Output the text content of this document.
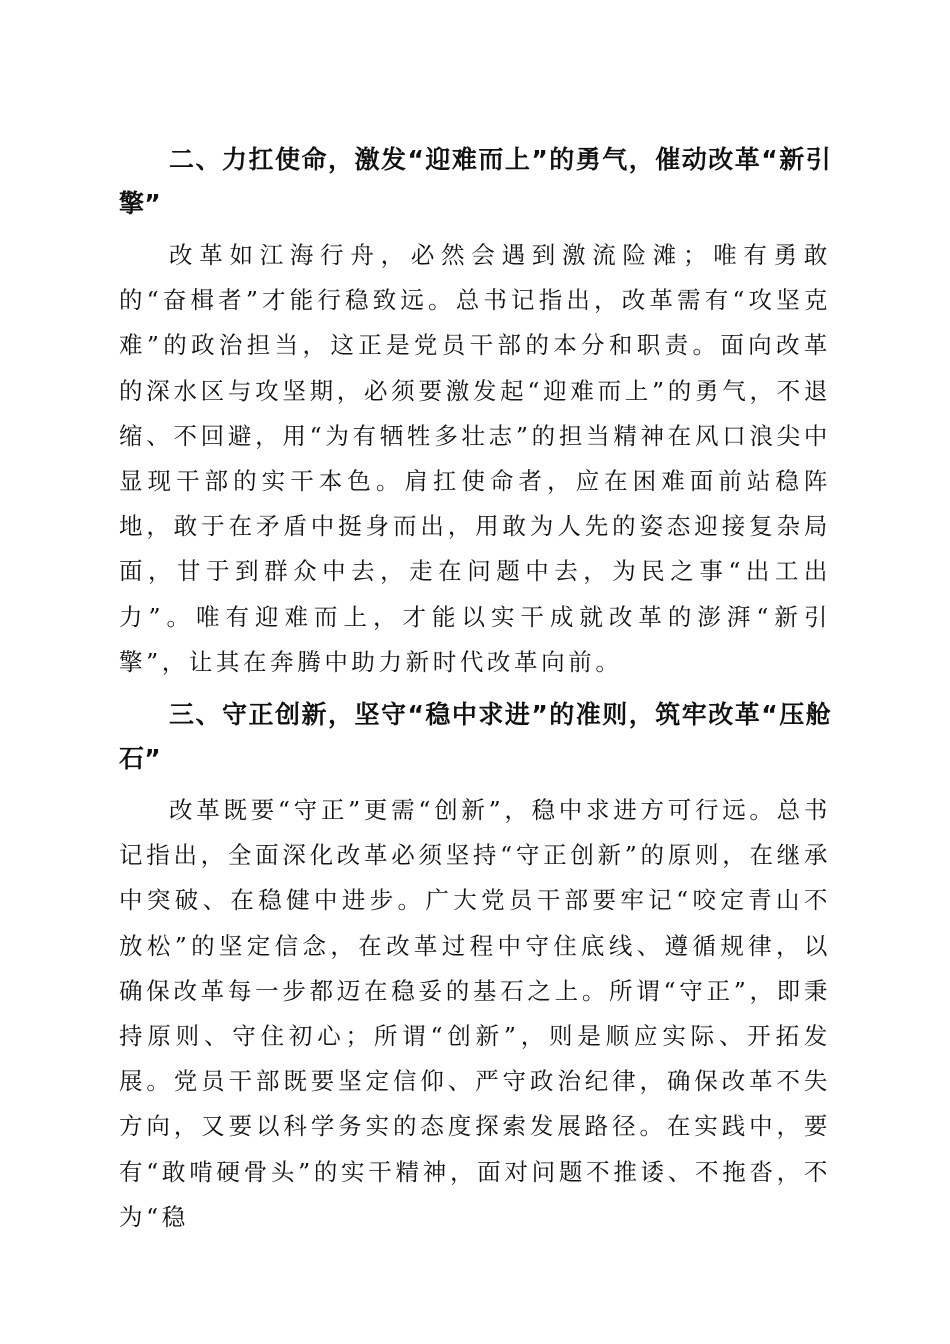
二、力扛使命，激发“迎难而上”的勇气，催动改革“新引擎”

改革如江海行舟，必然会遇到激流险滩；唯有勇敢的“奋楫者”才能行稳致远。总书记指出，改革需有“攻坚克难”的政治担当，这正是党员干部的本分和职责。面向改革的深水区与攻坚期，必须要激发起“迎难而上”的勇气，不退缩、不回避，用“为有牺牲多壮志”的担当精神在风口浪尖中显现干部的实干本色。肩扛使命者，应在困难面前站稳阵地，敢于在矛盾中挺身而出，用敢为人先的姿态迎接复杂局面，甘于到群众中去，走在问题中去，为民之事“出工出力”。唯有迎难而上，才能以实干成就改革的澎湃“新引擎”，让其在奔腾中助力新时代改革向前。

三、守正创新，坚守“稳中求进”的准则，筑牢改革“压舱石”

改革既要“守正”更需“创新”，稳中求进方可行远。总书记指出，全面深化改革必须坚持“守正创新”的原则，在继承中突破、在稳健中进步。广大党员干部要牢记“咬定青山不放松”的坚定信念，在改革过程中守住底线、遵循规律，以确保改革每一步都迈在稳妥的基石之上。所谓“守正”，即秉持原则、守住初心；所谓“创新”，则是顺应实际、开拓发展。党员干部既要坚定信仰、严守政治纪律，确保改革不失方向，又要以科学务实的态度探索发展路径。在实践中，要有“敢啃硬骨头”的实干精神，面对问题不推诿、不拖沓，不为“稳
